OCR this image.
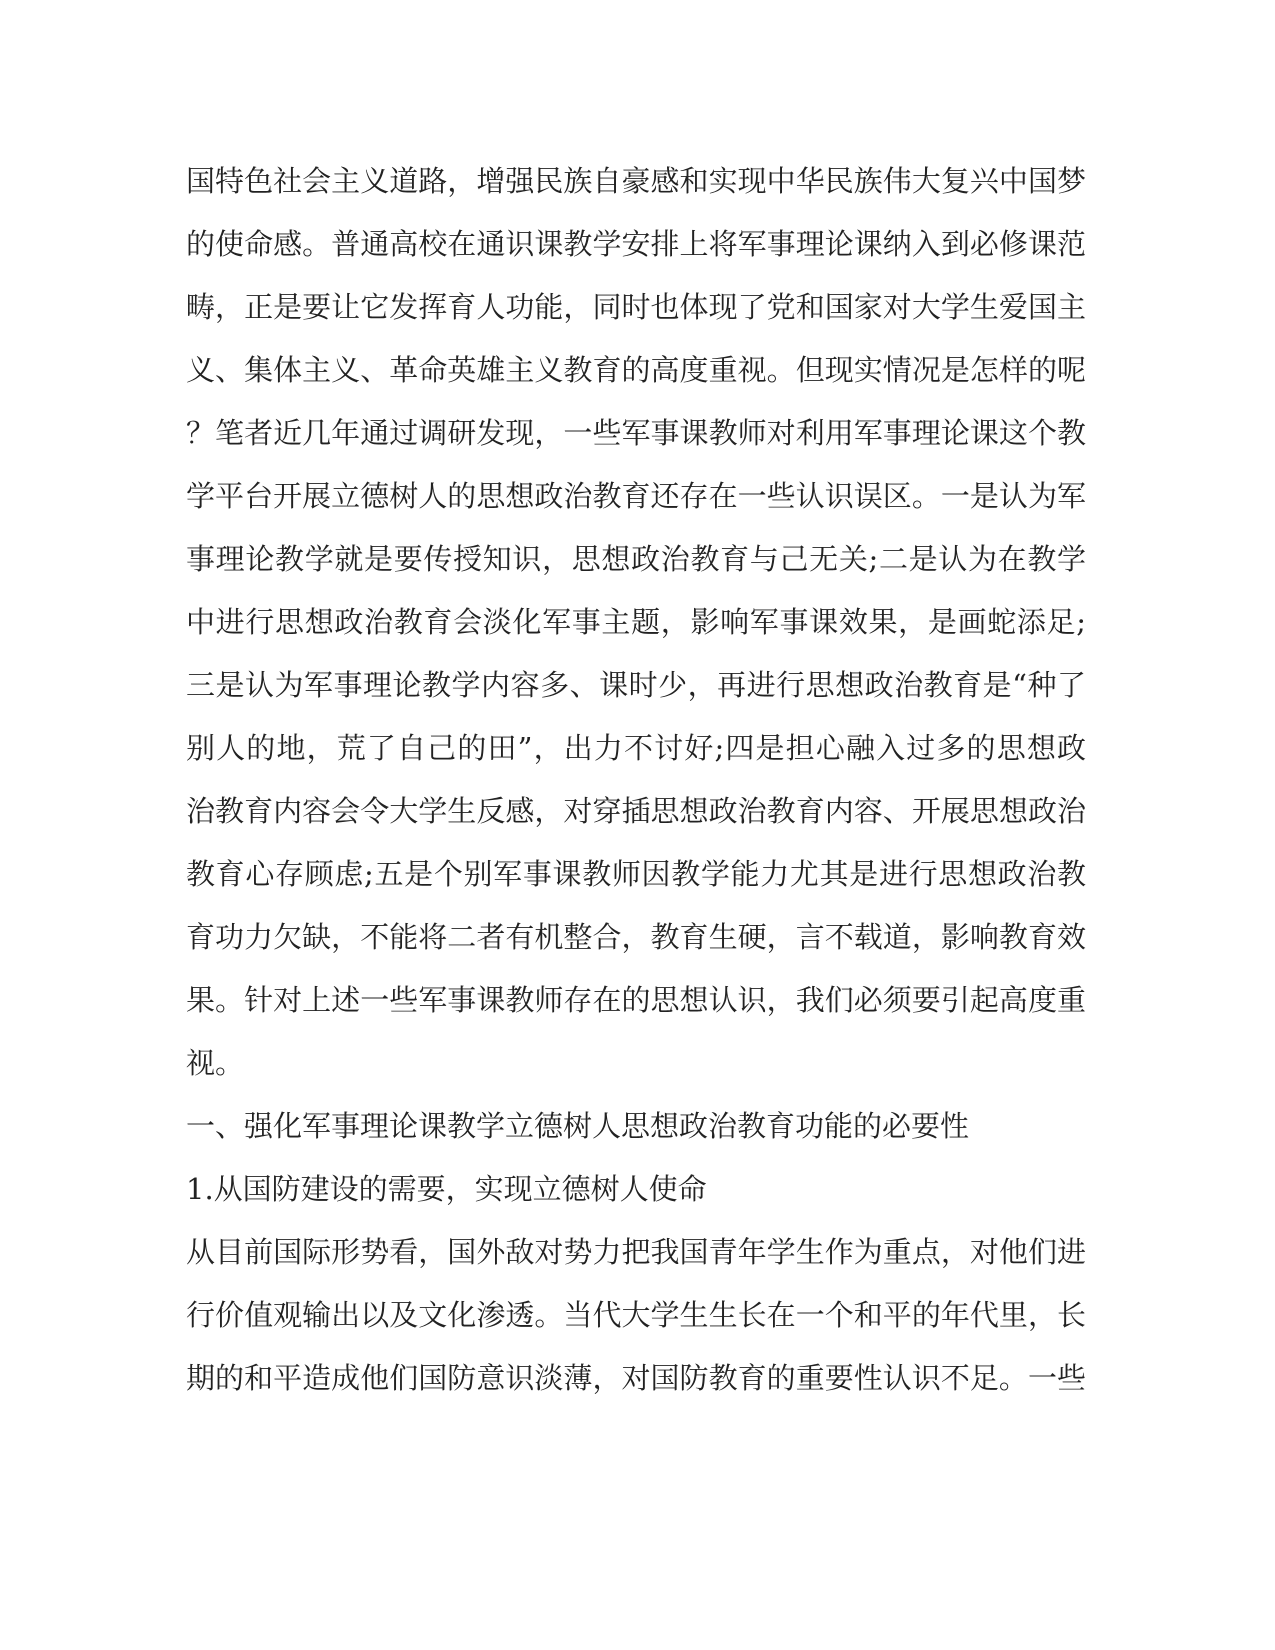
国特色社会主义道路，增强民族自豪感和实现中华民族伟大复兴中国梦
的使命感。普通高校在通识课教学安排上将军事理论课纳入到必修课范
畴，正是要让它发挥育人功能，同时也体现了党和国家对大学生爱国主
义、集体主义、革命英雄主义教育的高度重视。但现实情况是怎样的呢
？笔者近几年通过调研发现，一些军事课教师对利用军事理论课这个教
学平台开展立德树人的思想政治教育还存在一些认识误区。一是认为军
事理论教学就是要传授知识，思想政治教育与己无关;二是认为在教学
中进行思想政治教育会淡化军事主题，影响军事课效果，是画蛇添足;
三是认为军事理论教学内容多、课时少，再进行思想政治教育是“种了
别人的地，荒了自己的田”，出力不讨好;四是担心融入过多的思想政
治教育内容会令大学生反感，对穿插思想政治教育内容、开展思想政治
教育心存顾虑;五是个别军事课教师因教学能力尤其是进行思想政治教
育功力欠缺，不能将二者有机整合，教育生硬，言不载道，影响教育效
果。针对上述一些军事课教师存在的思想认识，我们必须要引起高度重
视。
一、强化军事理论课教学立德树人思想政治教育功能的必要性
1.从国防建设的需要，实现立德树人使命
从目前国际形势看，国外敌对势力把我国青年学生作为重点，对他们进
行价值观输出以及文化渗透。当代大学生生长在一个和平的年代里，长
期的和平造成他们国防意识淡薄，对国防教育的重要性认识不足。一些
